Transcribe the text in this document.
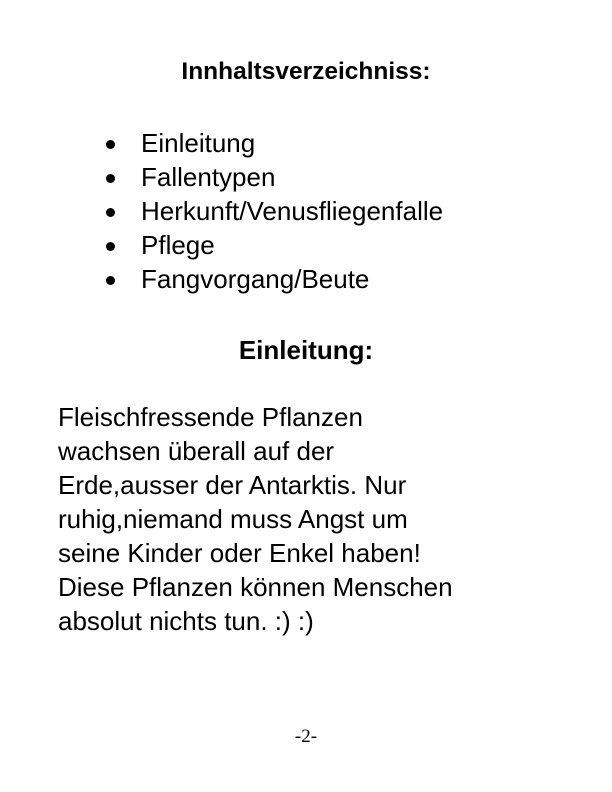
Innhaltsverzeichniss:
Einleitung
Fallentypen
Herkunft/Venusfliegenfalle
Pflege
Fangvorgang/Beute
Einleitung:

Fleischfressende Pflanzen
wachsen überall auf der
Erde,ausser der Antarktis. Nur
ruhig,niemand muss Angst um
seine Kinder oder Enkel haben!
Diese Pflanzen können Menschen
absolut nichts tun. :) :)

-2-
